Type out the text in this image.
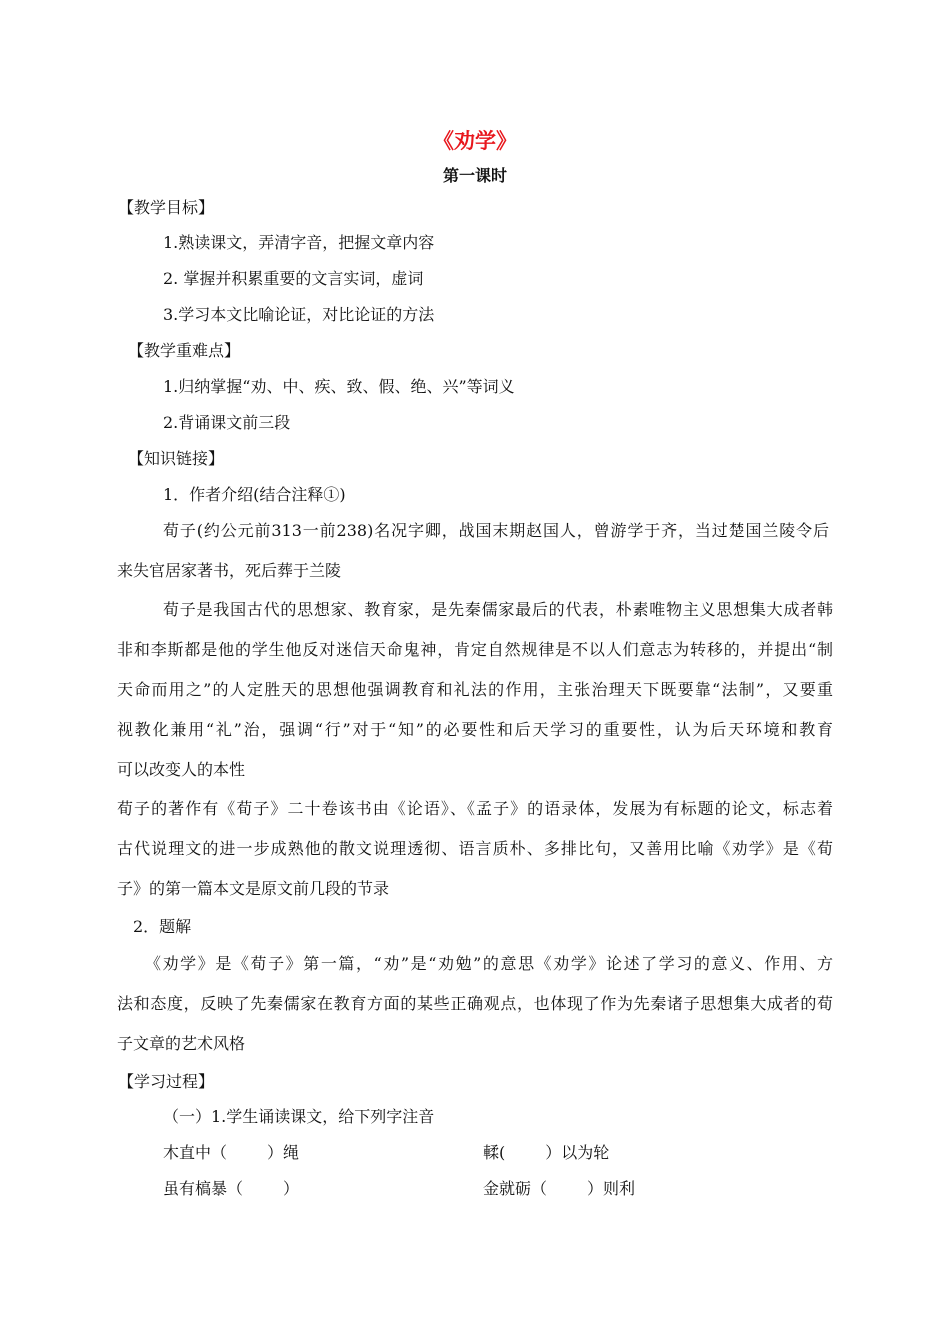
《劝学》
第一课时
【教学目标】
1.熟读课文，弄清字音，把握文章内容
2. 掌握并积累重要的文言实词，虚词
3.学习本文比喻论证，对比论证的方法
【教学重难点】
1.归纳掌握“劝、中、疾、致、假、绝、兴”等词义
2.背诵课文前三段
【知识链接】
1．作者介绍(结合注释①)
荀子(约公元前313一前238)名况字卿，战国末期赵国人，曾游学于齐，当过楚国兰陵令后
来失官居家著书，死后葬于兰陵
荀子是我国古代的思想家、教育家，是先秦儒家最后的代表，朴素唯物主义思想集大成者韩
非和李斯都是他的学生他反对迷信天命鬼神，肯定自然规律是不以人们意志为转移的，并提出“制
天命而用之”的人定胜天的思想他强调教育和礼法的作用，主张治理天下既要靠“法制”，又要重
视教化兼用“礼”治，强调“行”对于“知”的必要性和后天学习的重要性，认为后天环境和教育
可以改变人的本性
荀子的著作有《荀子》二十卷该书由《论语》、《孟子》的语录体，发展为有标题的论文，标志着
古代说理文的进一步成熟他的散文说理透彻、语言质朴、多排比句，又善用比喻《劝学》是《荀
子》的第一篇本文是原文前几段的节录
2．题解
《劝学》是《荀子》第一篇，“劝”是“劝勉”的意思《劝学》论述了学习的意义、作用、方
法和态度，反映了先秦儒家在教育方面的某些正确观点，也体现了作为先秦诸子思想集大成者的荀
子文章的艺术风格
【学习过程】
（一）1.学生诵读课文，给下列字注音
木直中（	）绳	輮(	）以为轮
虽有槁暴（	）	金就砺（	）则利
